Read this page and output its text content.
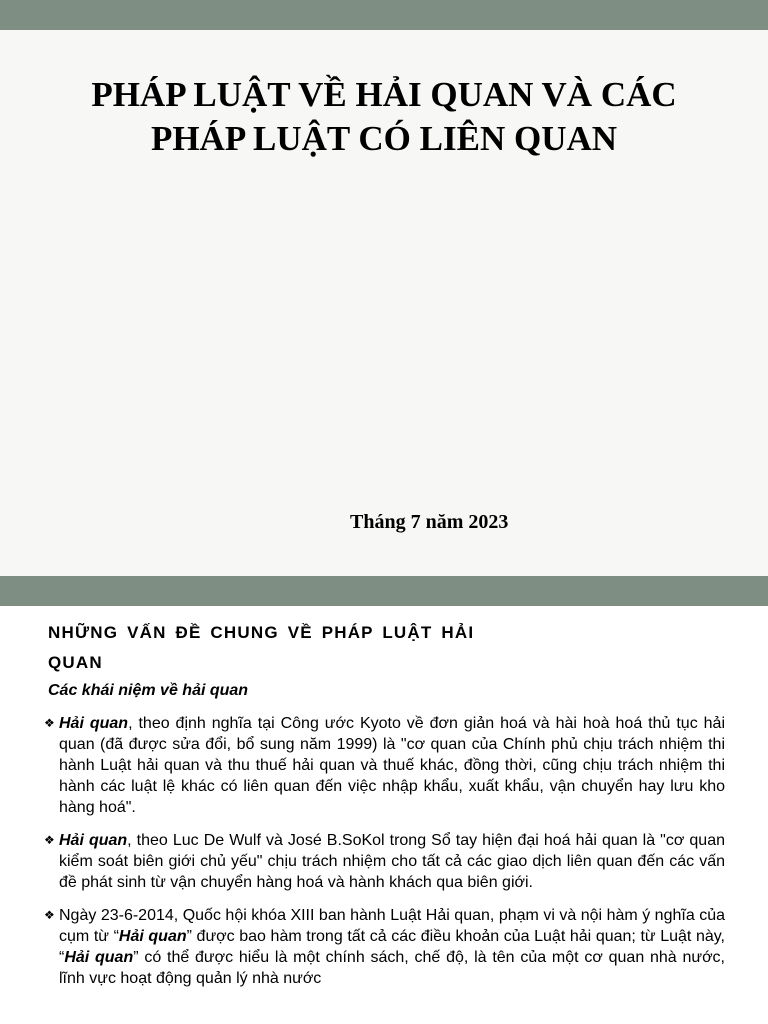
PHÁP LUẬT VỀ HẢI QUAN VÀ CÁC
PHÁP LUẬT CÓ LIÊN QUAN
Tháng 7 năm 2023
NHỮNG VẤN ĐỀ CHUNG VỀ PHÁP LUẬT HẢI
QUAN

Các khái niệm về hải quan

❖ Hải quan, theo định nghĩa tại Công ước Kyoto về đơn giản hoá và hài hoà hoá thủ tục hải quan (đã được sửa đổi, bổ sung năm 1999) là "cơ quan của Chính phủ chịu trách nhiệm thi hành Luật hải quan và thu thuế hải quan và thuế khác, đồng thời, cũng chịu trách nhiệm thi hành các luật lệ khác có liên quan đến việc nhập khẩu, xuất khẩu, vận chuyển hay lưu kho hàng hoá".
❖ Hải quan, theo Luc De Wulf và José B.SoKol trong Sổ tay hiện đại hoá hải quan là "cơ quan kiểm soát biên giới chủ yếu" chịu trách nhiệm cho tất cả các giao dịch liên quan đến các vấn đề phát sinh từ vận chuyển hàng hoá và hành khách qua biên giới.
❖ Ngày 23-6-2014, Quốc hội khóa XIII ban hành Luật Hải quan, phạm vi và nội hàm ý nghĩa của cụm từ “Hải quan” được bao hàm trong tất cả các điều khoản của Luật hải quan; từ Luật này, “Hải quan” có thể được hiểu là một chính sách, chế độ, là tên của một cơ quan nhà nước, lĩnh vực hoạt động quản lý nhà nước
